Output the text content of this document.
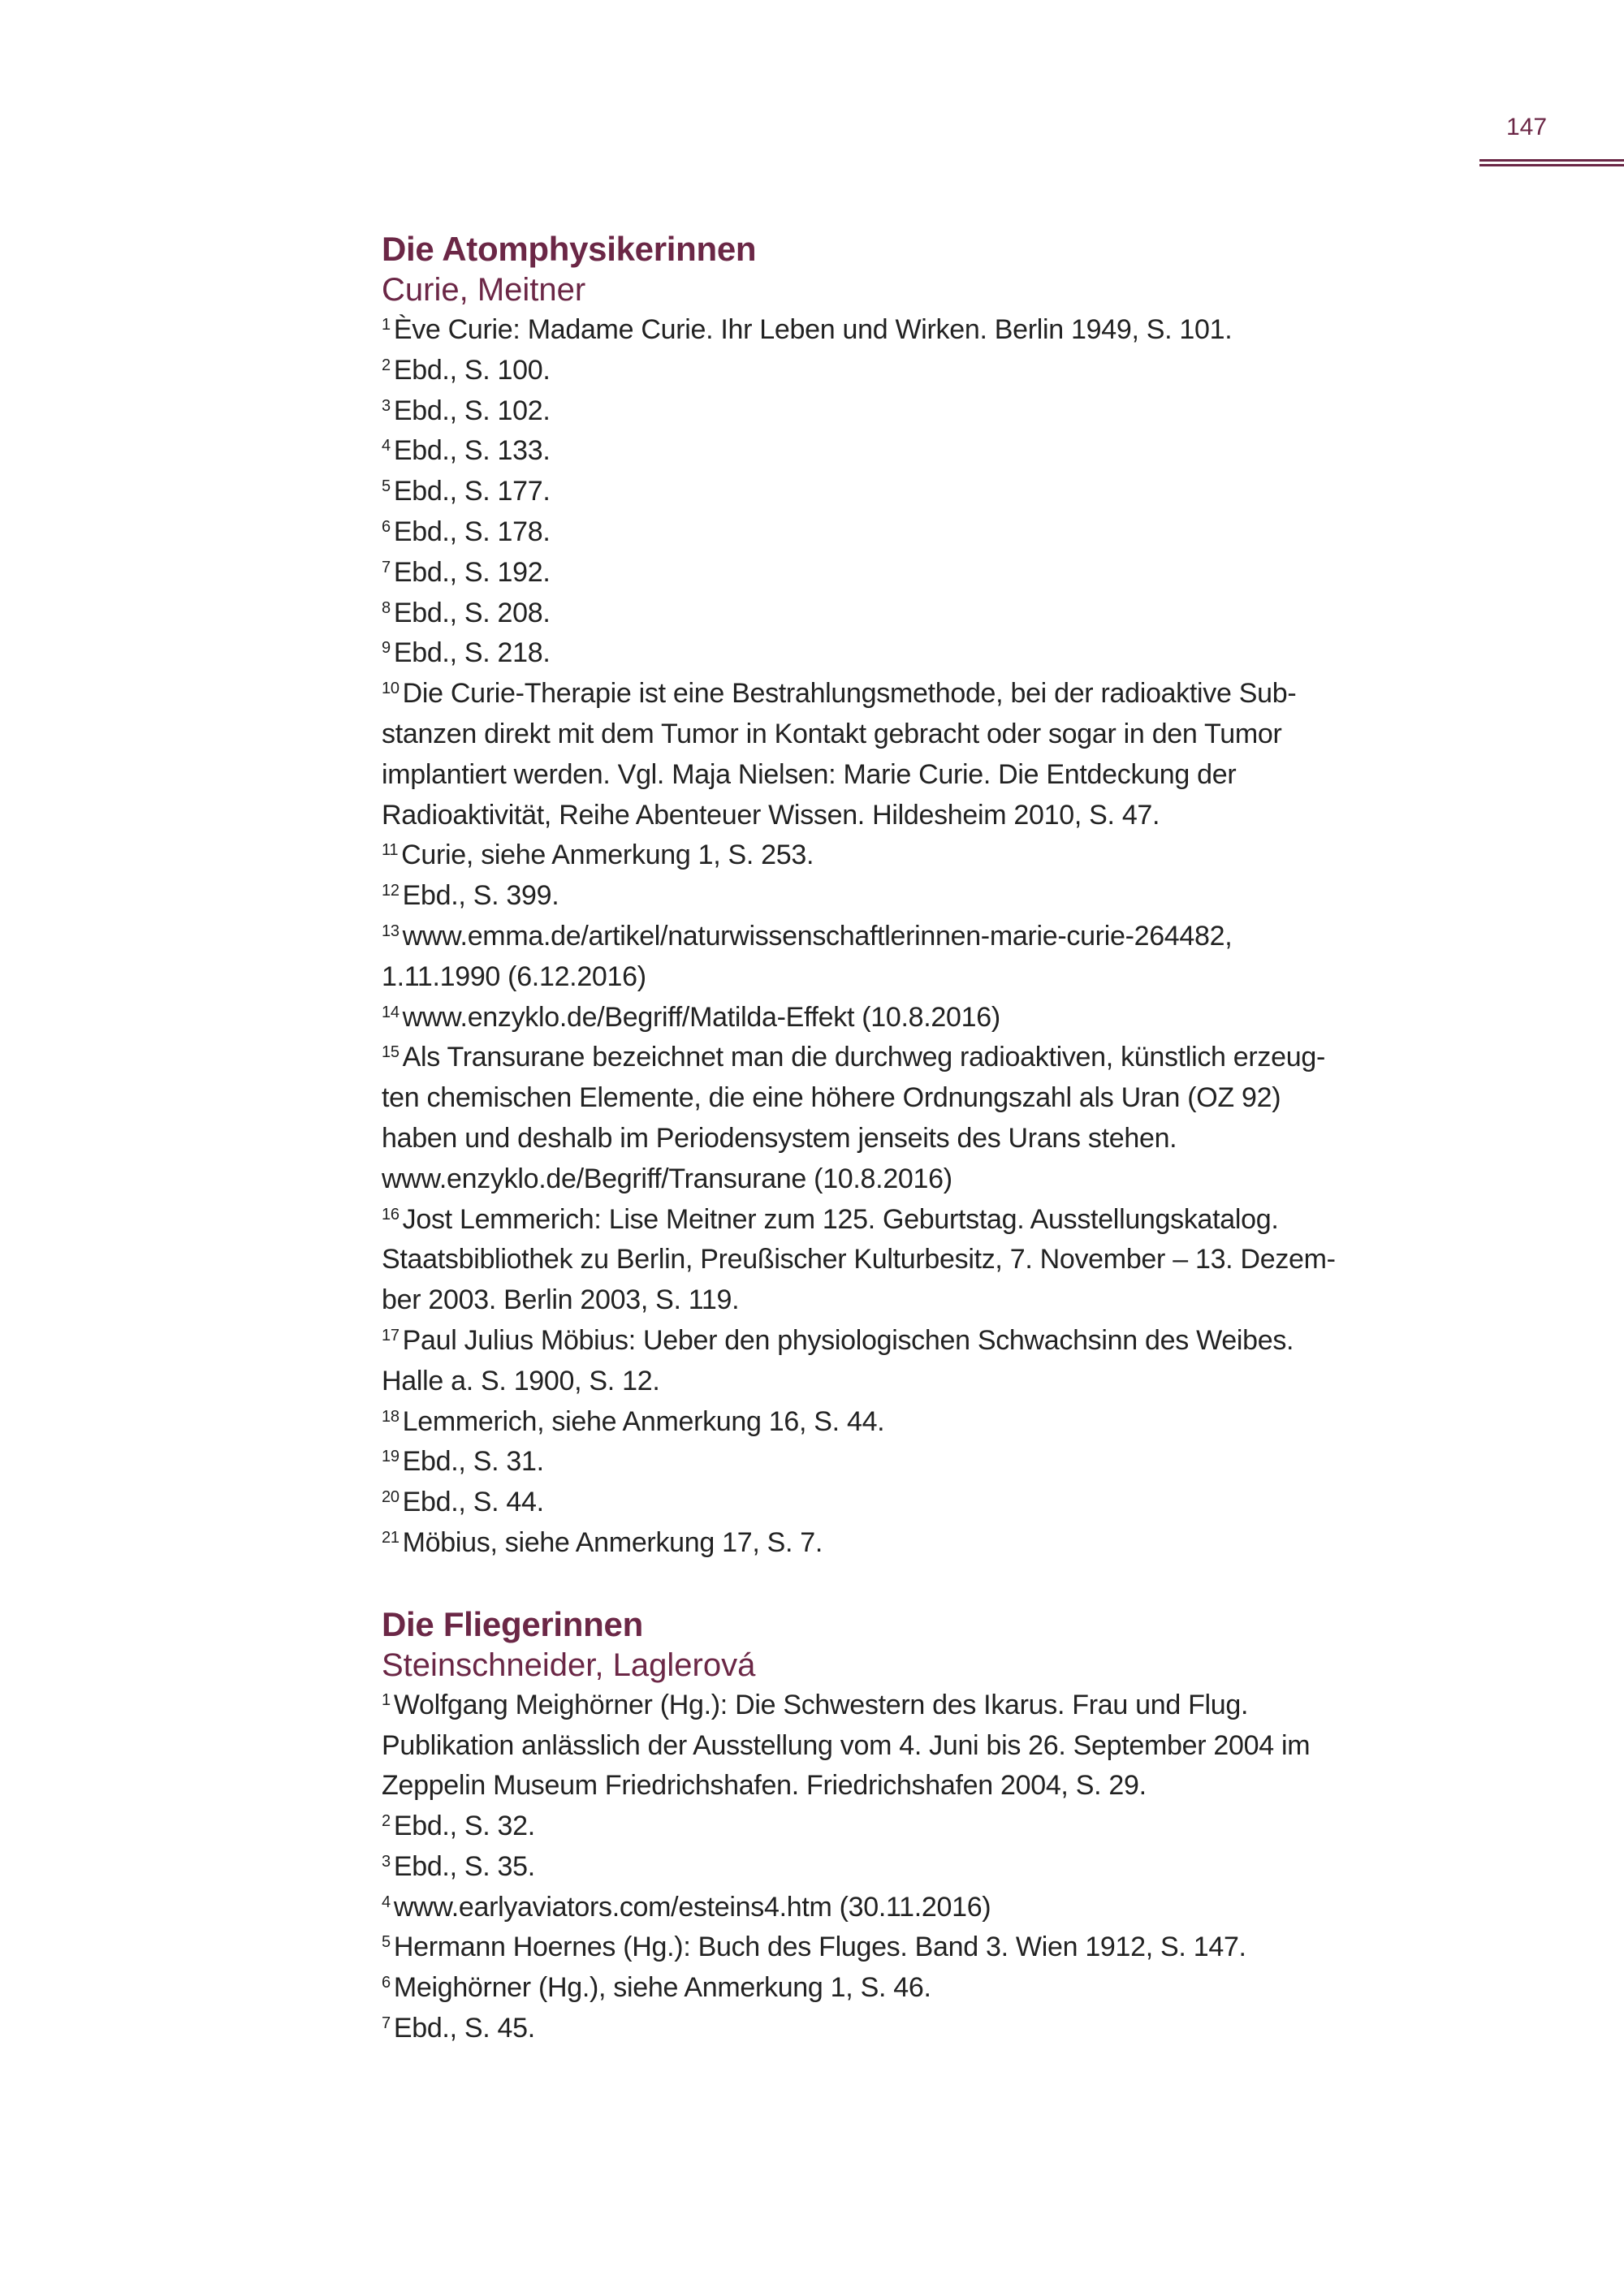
147
Die Atomphysikerinnen
Curie, Meitner
$^1$ Ève Curie: Madame Curie. Ihr Leben und Wirken. Berlin 1949, S. 101.
$^2$ Ebd., S. 100.
$^3$ Ebd., S. 102.
$^4$ Ebd., S. 133.
$^5$ Ebd., S. 177.
$^6$ Ebd., S. 178.
$^7$ Ebd., S. 192.
$^8$ Ebd., S. 208.
$^9$ Ebd., S. 218.
$^{10}$ Die Curie-Therapie ist eine Bestrahlungsmethode, bei der radioaktive Sub-
stanzen direkt mit dem Tumor in Kontakt gebracht oder sogar in den Tumor
implantiert werden. Vgl. Maja Nielsen: Marie Curie. Die Entdeckung der
Radioaktivität, Reihe Abenteuer Wissen. Hildesheim 2010, S. 47.
$^{11}$ Curie, siehe Anmerkung 1, S. 253.
$^{12}$ Ebd., S. 399.
$^{13}$ www.emma.de/artikel/naturwissenschaftlerinnen-marie-curie-264482,
1.11.1990 (6.12.2016)
$^{14}$ www.enzyklo.de/Begriff/Matilda-Effekt (10.8.2016)
$^{15}$ Als Transurane bezeichnet man die durchweg radioaktiven, künstlich erzeug-
ten chemischen Elemente, die eine höhere Ordnungszahl als Uran (OZ 92)
haben und deshalb im Periodensystem jenseits des Urans stehen.
www.enzyklo.de/Begriff/Transurane (10.8.2016)
$^{16}$ Jost Lemmerich: Lise Meitner zum 125. Geburtstag. Ausstellungskatalog.
Staatsbibliothek zu Berlin, Preußischer Kulturbesitz, 7. November – 13. Dezem-
ber 2003. Berlin 2003, S. 119.
$^{17}$ Paul Julius Möbius: Ueber den physiologischen Schwachsinn des Weibes.
Halle a. S. 1900, S. 12.
$^{18}$ Lemmerich, siehe Anmerkung 16, S. 44.
$^{19}$ Ebd., S. 31.
$^{20}$ Ebd., S. 44.
$^{21}$ Möbius, siehe Anmerkung 17, S. 7.
Die Fliegerinnen
Steinschneider, Laglerová
$^1$ Wolfgang Meighörner (Hg.): Die Schwestern des Ikarus. Frau und Flug.
Publikation anlässlich der Ausstellung vom 4. Juni bis 26. September 2004 im
Zeppelin Museum Friedrichshafen. Friedrichshafen 2004, S. 29.
$^2$ Ebd., S. 32.
$^3$ Ebd., S. 35.
$^4$ www.earlyaviators.com/esteins4.htm (30.11.2016)
$^5$ Hermann Hoernes (Hg.): Buch des Fluges. Band 3. Wien 1912, S. 147.
$^6$ Meighörner (Hg.), siehe Anmerkung 1, S. 46.
$^7$ Ebd., S. 45.
